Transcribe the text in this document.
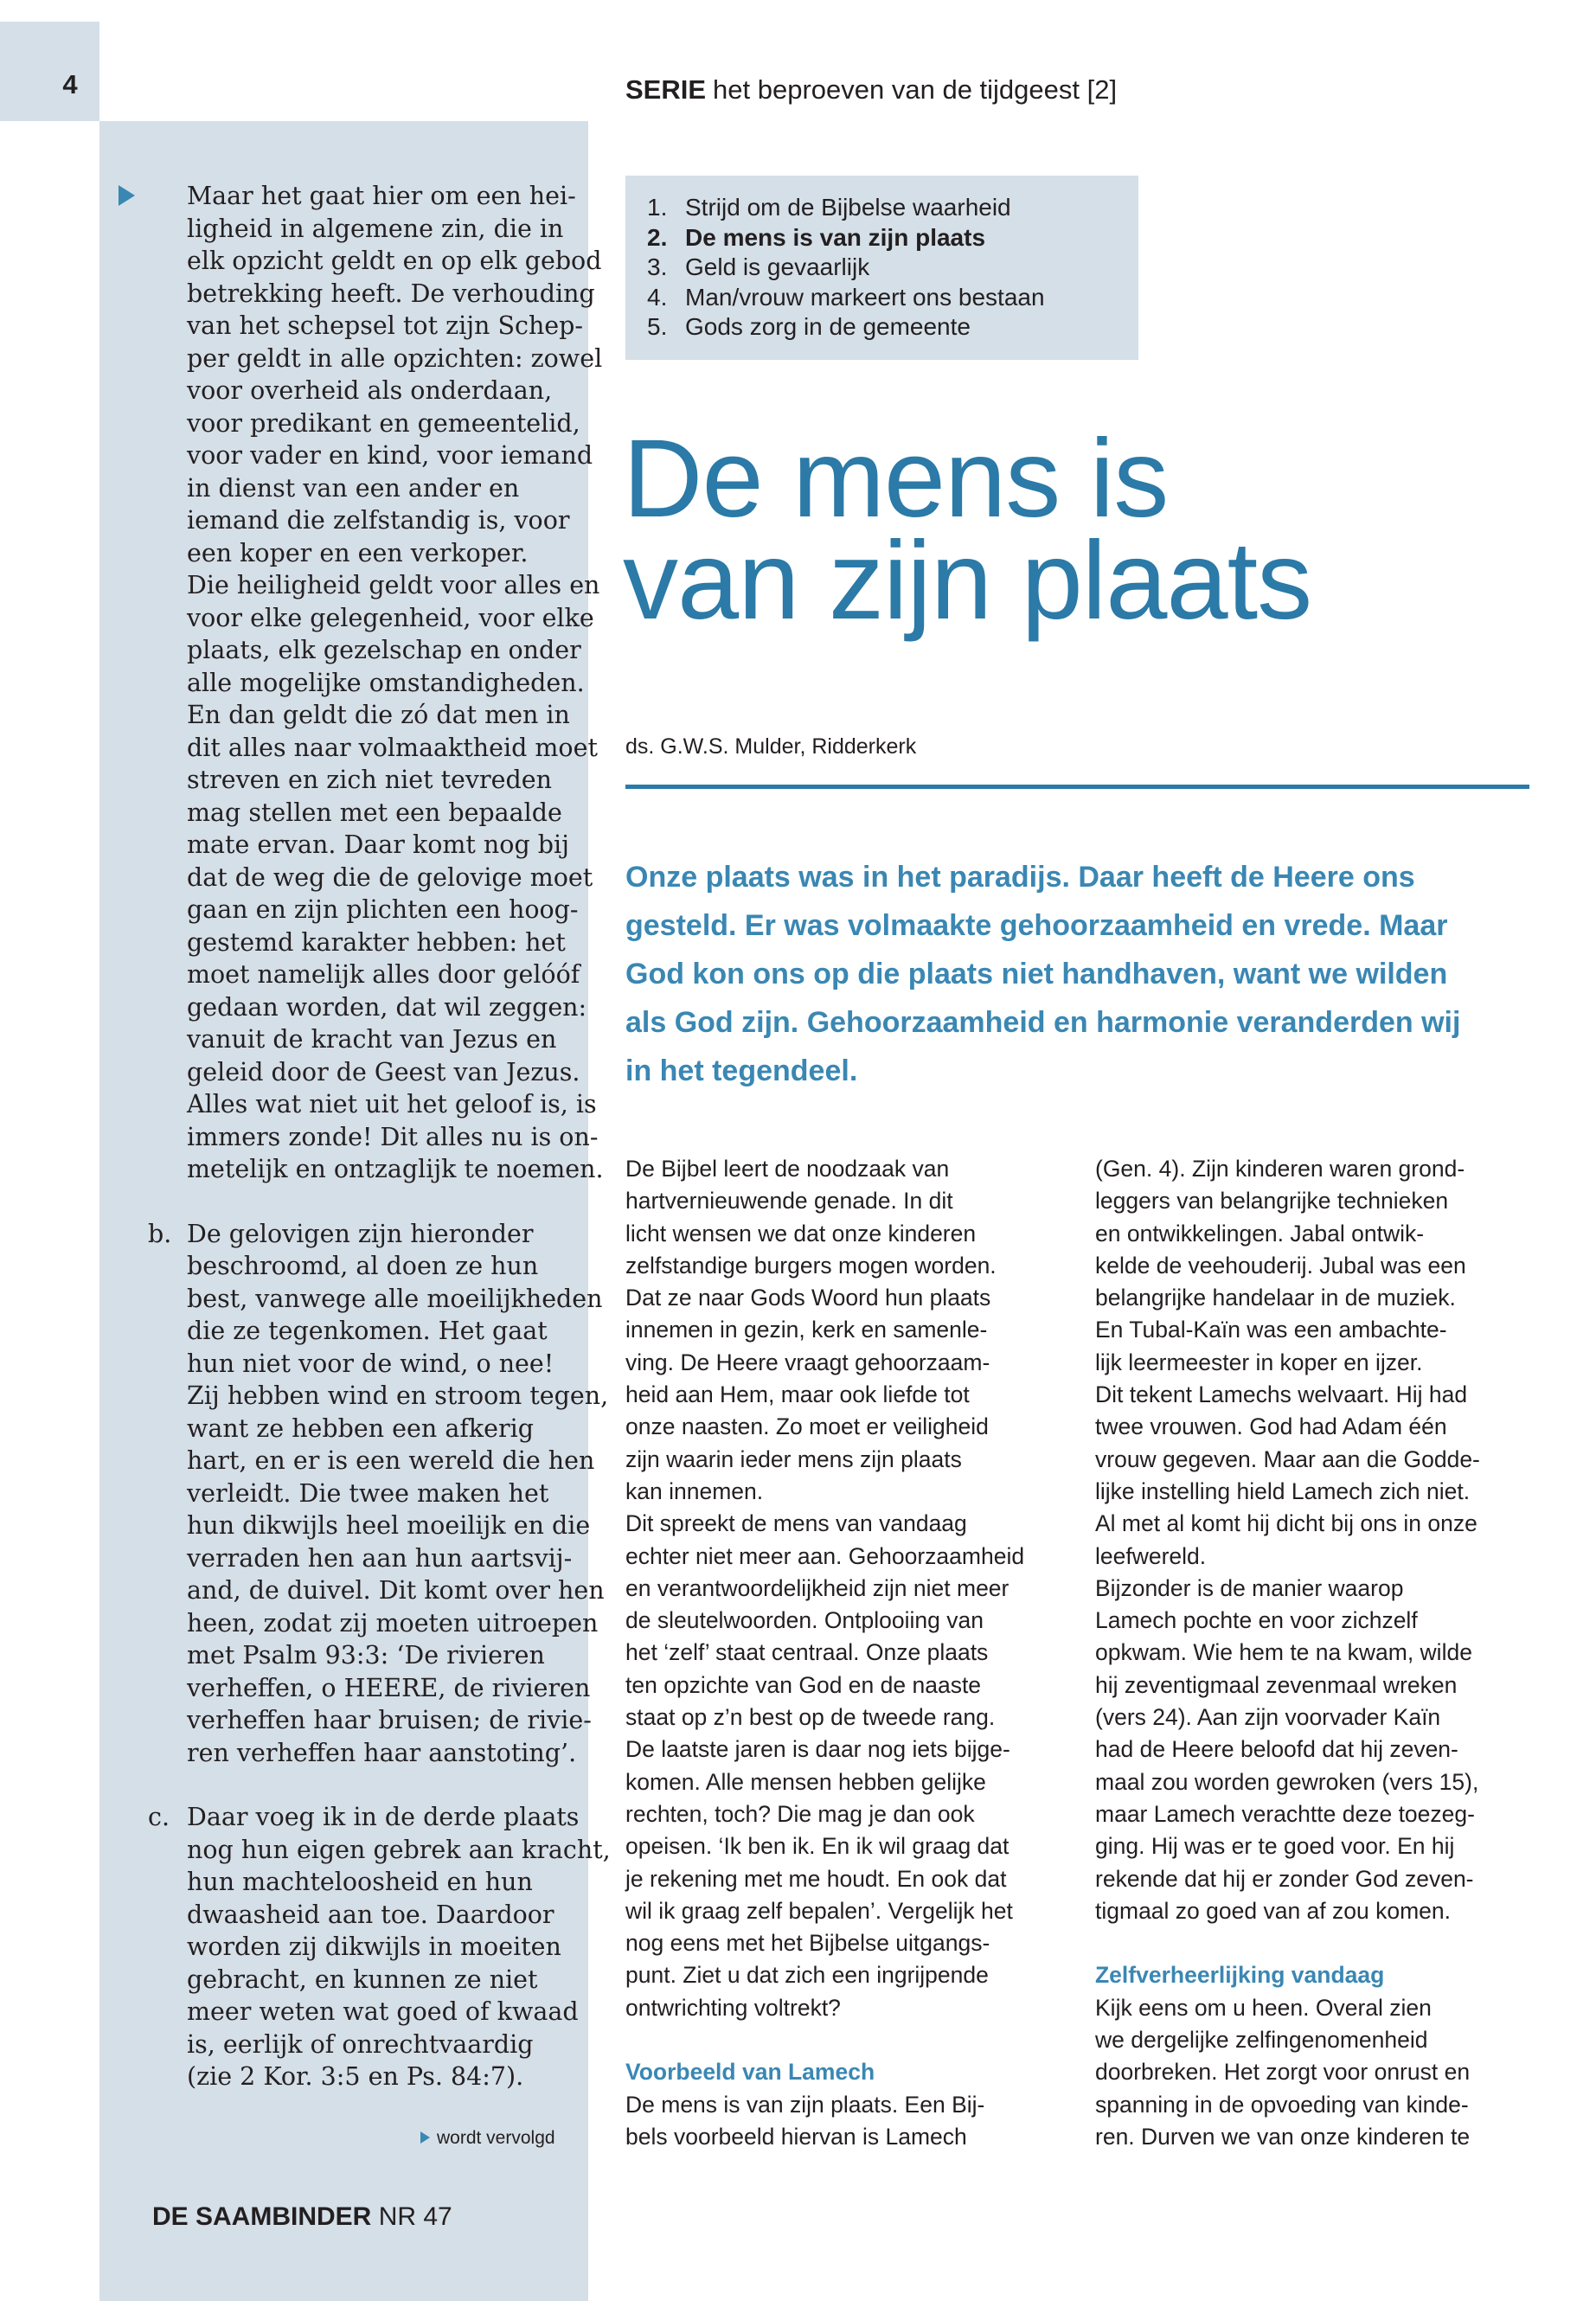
4	SERIE het beproeven van de tijdgeest [2]

Maar het gaat hier om een hei-
ligheid in algemene zin, die in
elk opzicht geldt en op elk gebod
betrekking heeft. De verhouding
van het schepsel tot zijn Schep-
per geldt in alle opzichten: zowel
voor overheid als onderdaan,
voor predikant en gemeentelid,
voor vader en kind, voor iemand
in dienst van een ander en
iemand die zelfstandig is, voor
een koper en een verkoper.
Die heiligheid geldt voor alles en
voor elke gelegenheid, voor elke
plaats, elk gezelschap en onder
alle mogelijke omstandigheden.
En dan geldt die zó dat men in
dit alles naar volmaaktheid moet
streven en zich niet tevreden
mag stellen met een bepaalde
mate ervan. Daar komt nog bij
dat de weg die de gelovige moet
gaan en zijn plichten een hoog-
gestemd karakter hebben: het
moet namelijk alles door gelóóf
gedaan worden, dat wil zeggen:
vanuit de kracht van Jezus en
geleid door de Geest van Jezus.
Alles wat niet uit het geloof is, is
immers zonde! Dit alles nu is on-
metelijk en ontzaglijk te noemen.

b. De gelovigen zijn hieronder
beschroomd, al doen ze hun
best, vanwege alle moeilijkheden
die ze tegenkomen. Het gaat
hun niet voor de wind, o nee!
Zij hebben wind en stroom tegen,
want ze hebben een afkerig
hart, en er is een wereld die hen
verleidt. Die twee maken het
hun dikwijls heel moeilijk en die
verraden hen aan hun aartsvij-
and, de duivel. Dit komt over hen
heen, zodat zij moeten uitroepen
met Psalm 93:3: ‘De rivieren
verheffen, o HEERE, de rivieren
verheffen haar bruisen; de rivie-
ren verheffen haar aanstoting’.

c. Daar voeg ik in de derde plaats
nog hun eigen gebrek aan kracht,
hun machteloosheid en hun
dwaasheid aan toe. Daardoor
worden zij dikwijls in moeiten
gebracht, en kunnen ze niet
meer weten wat goed of kwaad
is, eerlijk of onrechtvaardig
(zie 2 Kor. 3:5 en Ps. 84:7).

wordt vervolgd
DE SAAMBINDER NR 47
1. Strijd om de Bijbelse waarheid
2. De mens is van zijn plaats
3. Geld is gevaarlijk
4. Man/vrouw markeert ons bestaan
5. Gods zorg in de gemeente
De mens is
van zijn plaats
ds. G.W.S. Mulder, Ridderkerk

Onze plaats was in het paradijs. Daar heeft de Heere ons
gesteld. Er was volmaakte gehoorzaamheid en vrede. Maar
God kon ons op die plaats niet handhaven, want we wilden
als God zijn. Gehoorzaamheid en harmonie veranderden wij
in het tegendeel.

De Bijbel leert de noodzaak van
hartvernieuwende genade. In dit
licht wensen we dat onze kinderen
zelfstandige burgers mogen worden.
Dat ze naar Gods Woord hun plaats
innemen in gezin, kerk en samenle-
ving. De Heere vraagt gehoorzaam-
heid aan Hem, maar ook liefde tot
onze naasten. Zo moet er veiligheid
zijn waarin ieder mens zijn plaats
kan innemen.

Dit spreekt de mens van vandaag
echter niet meer aan. Gehoorzaamheid
en verantwoordelijkheid zijn niet meer
de sleutelwoorden. Ontplooiing van
het ‘zelf’ staat centraal. Onze plaats
ten opzichte van God en de naaste
staat op z’n best op de tweede rang.
De laatste jaren is daar nog iets bijge-
komen. Alle mensen hebben gelijke
rechten, toch? Die mag je dan ook
opeisen. ‘Ik ben ik. En ik wil graag dat
je rekening met me houdt. En ook dat
wil ik graag zelf bepalen’. Vergelijk het
nog eens met het Bijbelse uitgangs-
punt. Ziet u dat zich een ingrijpende
ontwrichting voltrekt?

Voorbeeld van Lamech

De mens is van zijn plaats. Een Bij-
bels voorbeeld hiervan is Lamech

(Gen. 4). Zijn kinderen waren grond-
leggers van belangrijke technieken
en ontwikkelingen. Jabal ontwik-
kelde de veehouderij. Jubal was een
belangrijke handelaar in de muziek.
En Tubal-Kaïn was een ambachte-
lijk leermeester in koper en ijzer.

Dit tekent Lamechs welvaart. Hij had
twee vrouwen. God had Adam één
vrouw gegeven. Maar aan die Godde-
lijke instelling hield Lamech zich niet.
Al met al komt hij dicht bij ons in onze
leefwereld.

Bijzonder is de manier waarop
Lamech pochte en voor zichzelf
opkwam. Wie hem te na kwam, wilde
hij zeventigmaal zevenmaal wreken
(vers 24). Aan zijn voorvader Kaïn
had de Heere beloofd dat hij zeven-
maal zou worden gewroken (vers 15),
maar Lamech verachtte deze toezeg-
ging. Hij was er te goed voor. En hij
rekende dat hij er zonder God zeven-
tigmaal zo goed van af zou komen.

Zelfverheerlijking vandaag

Kijk eens om u heen. Overal zien
we dergelijke zelfingenomenheid
doorbreken. Het zorgt voor onrust en
spanning in de opvoeding van kinde-
ren. Durven we van onze kinderen te
